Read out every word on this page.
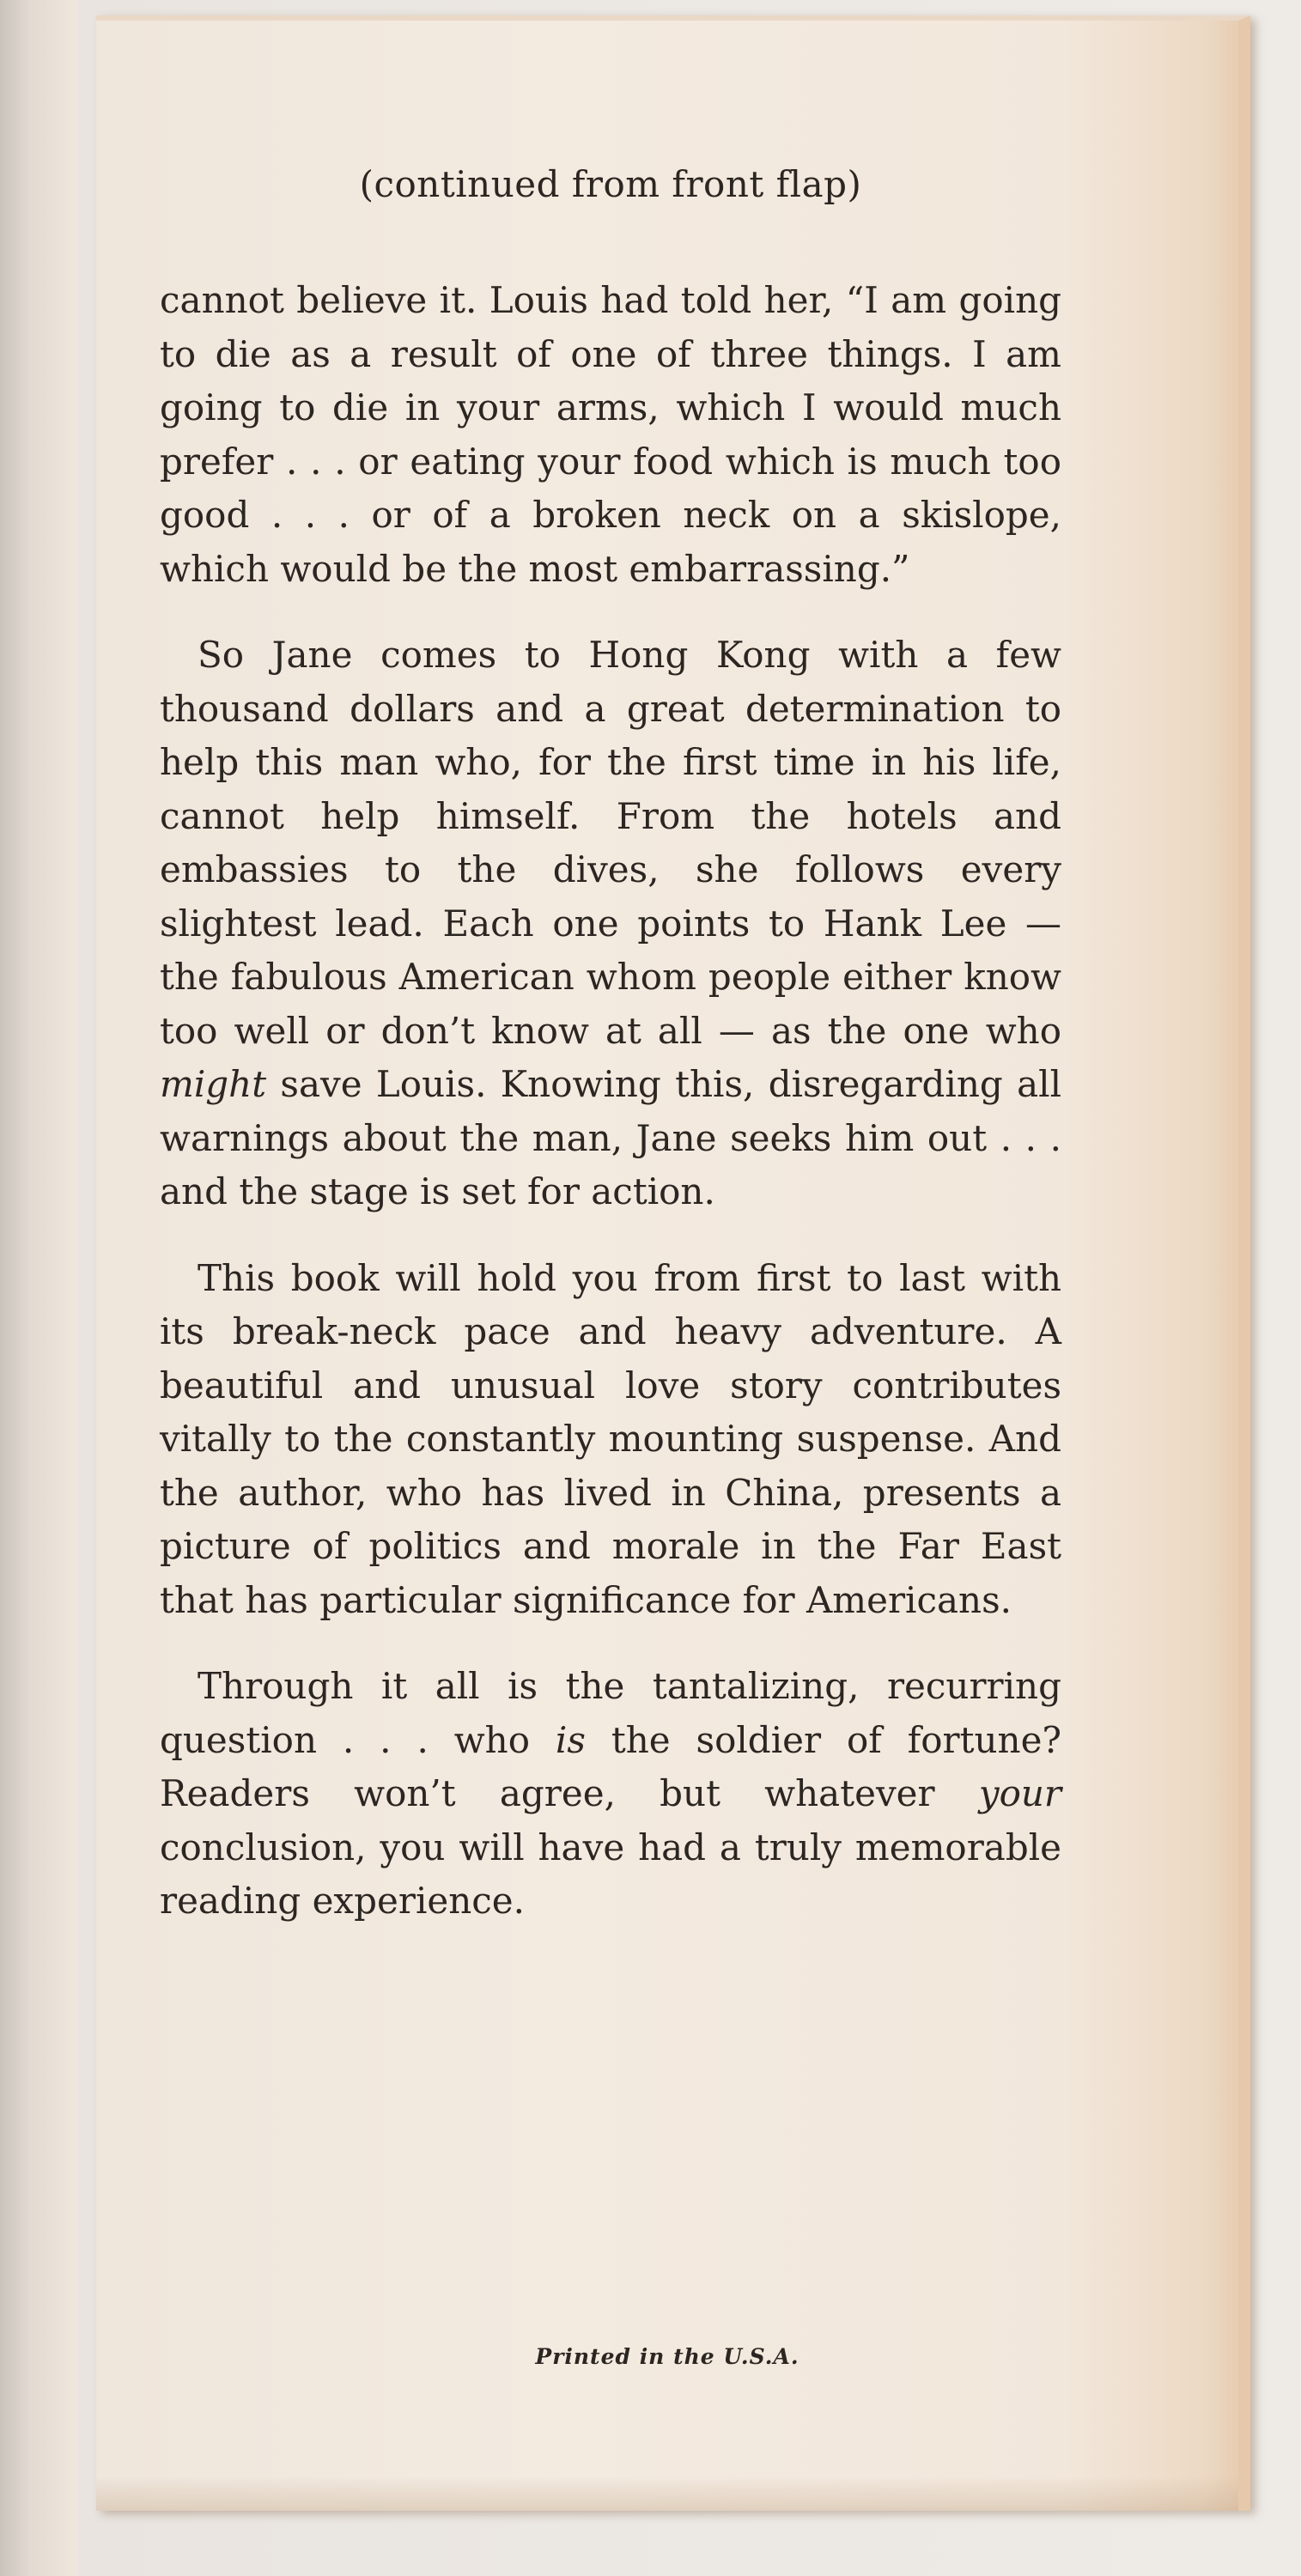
(continued from front flap)

cannot believe it. Louis had told her, “I am going to die as a result of one of three things. I am going to die in your arms, which I would much prefer . . . or eating your food which is much too good . . . or of a broken neck on a skislope, which would be the most embarrassing.”

So Jane comes to Hong Kong with a few thousand dollars and a great determination to help this man who, for the first time in his life, cannot help himself. From the hotels and embassies to the dives, she follows every slightest lead. Each one points to Hank Lee — the fabulous American whom people either know too well or don’t know at all — as the one who might save Louis. Knowing this, disregarding all warnings about the man, Jane seeks him out . . . and the stage is set for action.

This book will hold you from first to last with its break-neck pace and heavy adventure. A beautiful and unusual love story contributes vitally to the constantly mounting suspense. And the author, who has lived in China, presents a picture of politics and morale in the Far East that has particular significance for Americans.

Through it all is the tantalizing, recurring question . . . who is the soldier of fortune? Readers won’t agree, but whatever your conclusion, you will have had a truly memorable reading experience.

Printed in the U.S.A.
